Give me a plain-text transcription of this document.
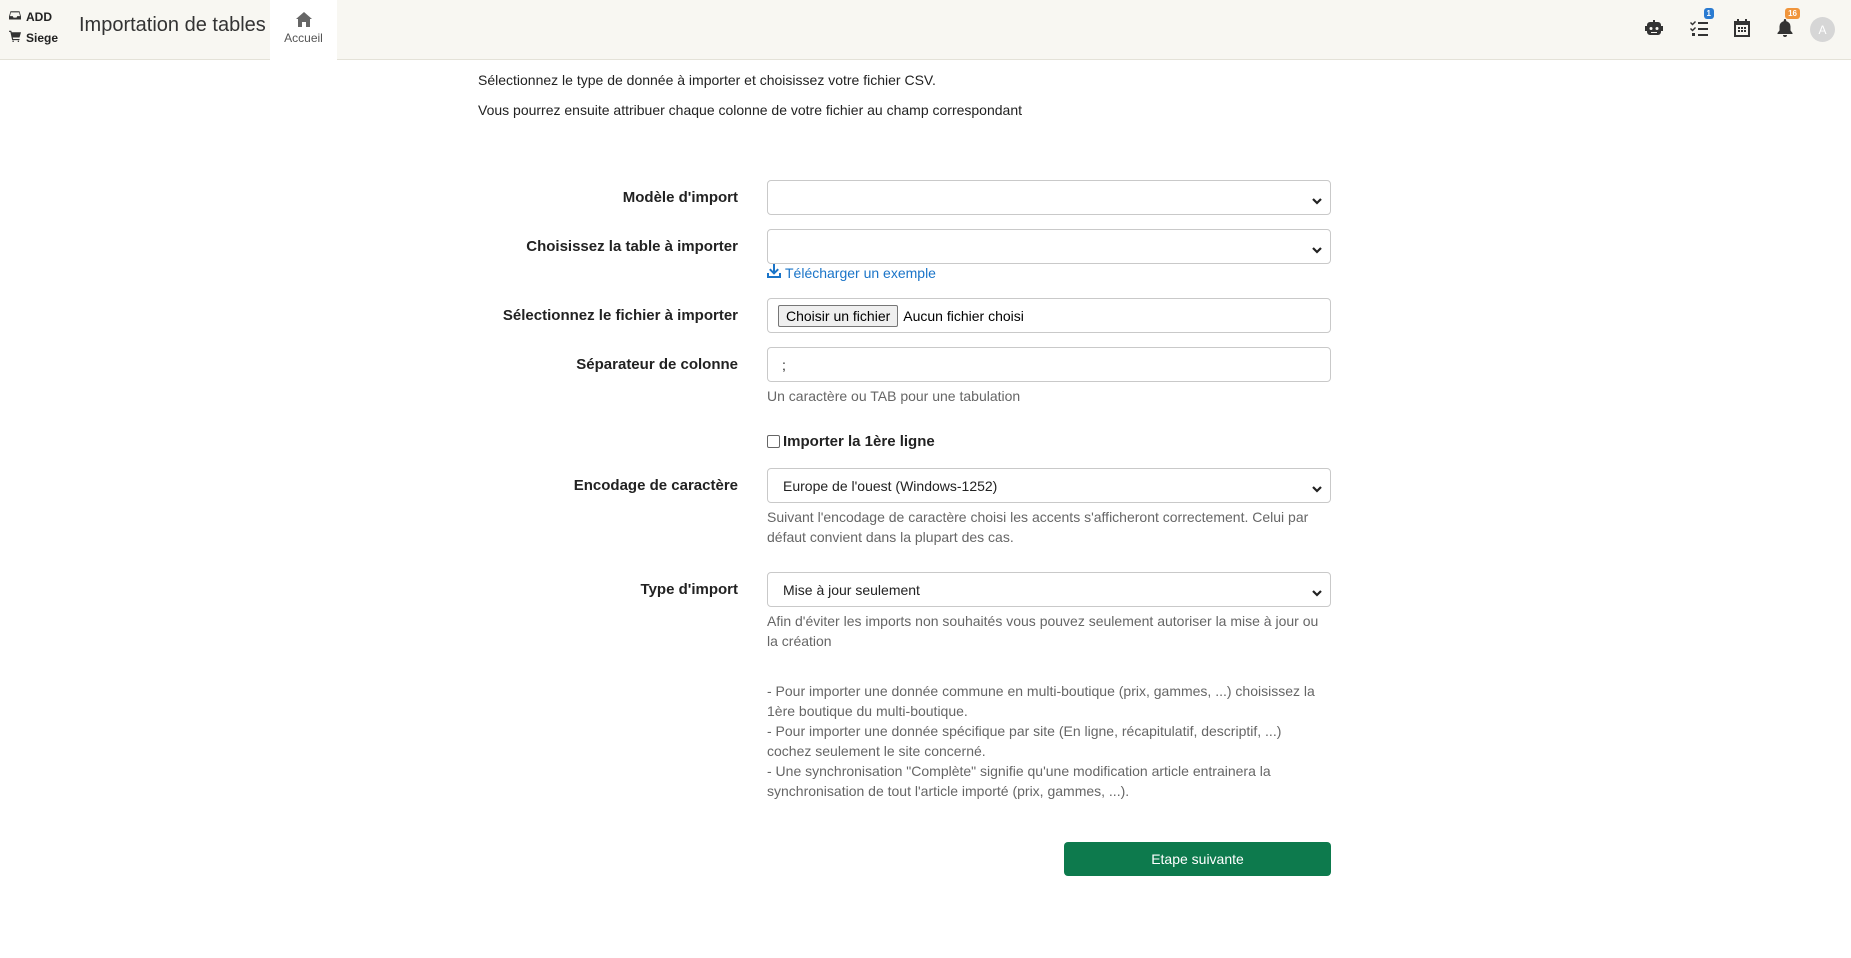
ADD
Siege
Importation de tables
Accueil
1	16
A

Sélectionnez le type de donnée à importer et choisissez votre fichier CSV.

Vous pourrez ensuite attribuer chaque colonne de votre fichier au champ correspondant

Modèle d'import
Choisissez la table à importer
Télécharger un exemple
Sélectionnez le fichier à importer	Choisir un fichier Aucun fichier choisi
Séparateur de colonne	;
Un caractère ou TAB pour une tabulation
Importer la 1ère ligne
Encodage de caractère	Europe de l'ouest (Windows-1252)
Suivant l'encodage de caractère choisi les accents s'afficheront correctement. Celui par
défaut convient dans la plupart des cas.
Type d'import	Mise à jour seulement
Afin d'éviter les imports non souhaités vous pouvez seulement autoriser la mise à jour ou
la création
- Pour importer une donnée commune en multi-boutique (prix, gammes, ...) choisissez la
1ère boutique du multi-boutique.
- Pour importer une donnée spécifique par site (En ligne, récapitulatif, descriptif, ...)
cochez seulement le site concerné.
- Une synchronisation "Complète" signifie qu'une modification article entrainera la
synchronisation de tout l'article importé (prix, gammes, ...).
Etape suivante
